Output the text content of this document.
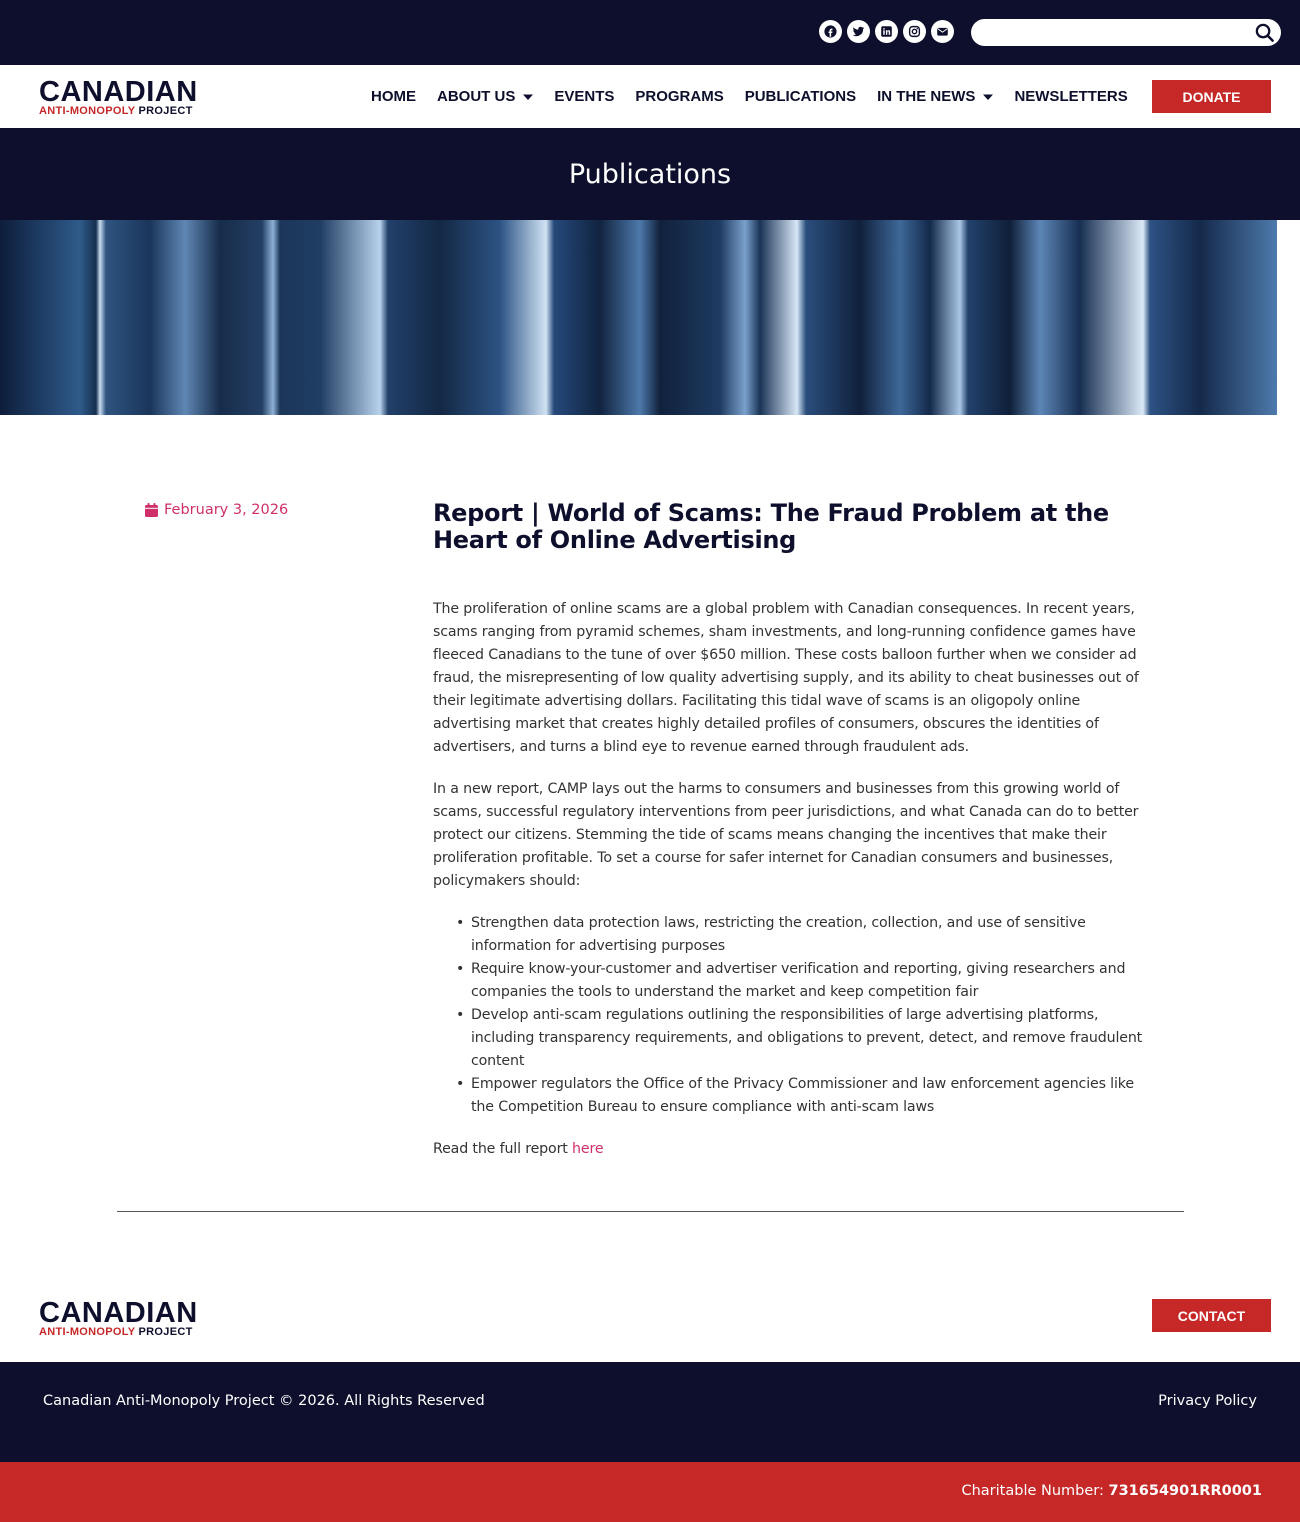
CANADIAN
ANTI-MONOPOLY PROJECT
HOME ABOUT US	EVENTS PROGRAMS PUBLICATIONS IN THE NEWS	NEWSLETTERS	DONATE
Publications
February 3, 2026	Report | World of Scams: The Fraud Problem at the Heart of Online Advertising

The proliferation of online scams are a global problem with Canadian consequences. In recent years, scams ranging from pyramid schemes, sham investments, and long-running confidence games have fleeced Canadians to the tune of over $650 million. These costs balloon further when we consider ad fraud, the misrepresenting of low quality advertising supply, and its ability to cheat businesses out of their legitimate advertising dollars. Facilitating this tidal wave of scams is an oligopoly online advertising market that creates highly detailed profiles of consumers, obscures the identities of advertisers, and turns a blind eye to revenue earned through fraudulent ads.

In a new report, CAMP lays out the harms to consumers and businesses from this growing world of scams, successful regulatory interventions from peer jurisdictions, and what Canada can do to better protect our citizens. Stemming the tide of scams means changing the incentives that make their proliferation profitable. To set a course for safer internet for Canadian consumers and businesses, policymakers should:

• Strengthen data protection laws, restricting the creation, collection, and use of sensitive information for advertising purposes
• Require know-your-customer and advertiser verification and reporting, giving researchers and companies the tools to understand the market and keep competition fair
• Develop anti-scam regulations outlining the responsibilities of large advertising platforms, including transparency requirements, and obligations to prevent, detect, and remove fraudulent content
• Empower regulators the Office of the Privacy Commissioner and law enforcement agencies like the Competition Bureau to ensure compliance with anti-scam laws

Read the full report here

CANADIAN
ANTI-MONOPOLY PROJECT
CONTACT
Canadian Anti-Monopoly Project © 2026. All Rights Reserved	Privacy Policy
Charitable Number: 731654901RR0001
